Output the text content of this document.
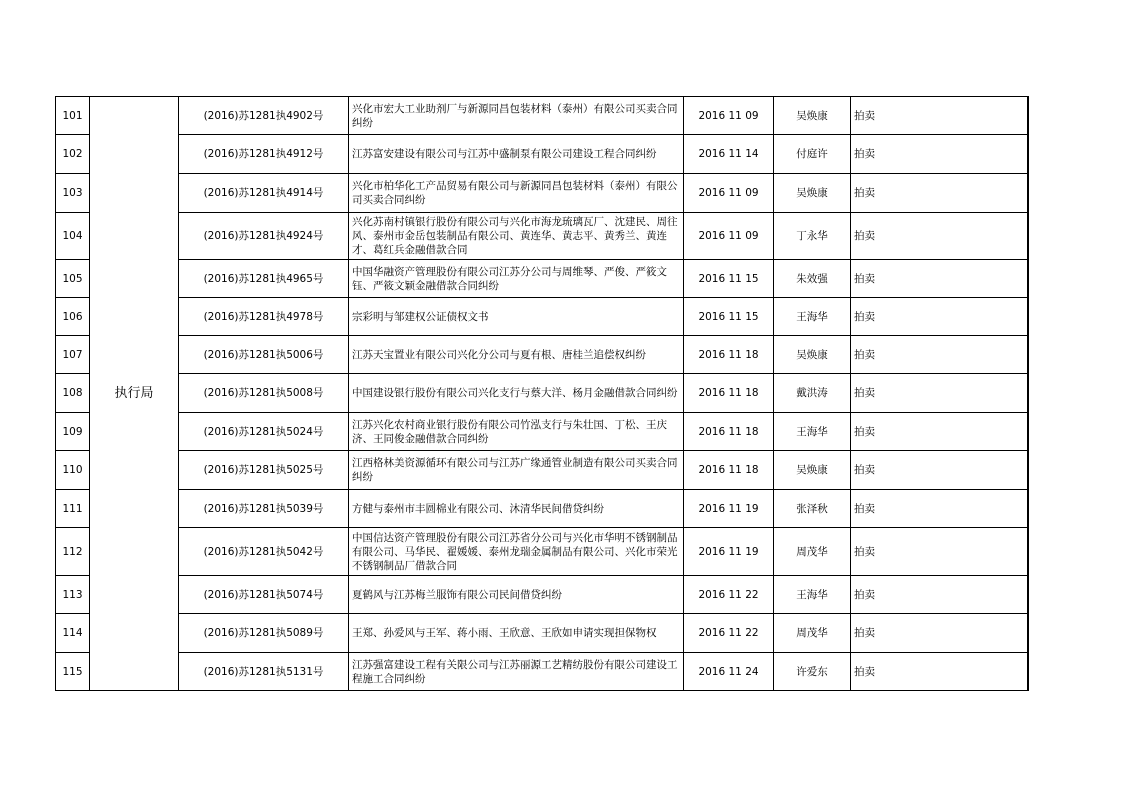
101	执行局	(2016)苏1281执4902号	兴化市宏大工业助剂厂与新源同昌包装材料（泰州）有限公司买卖合同纠纷	2016 11 09	吴焕康	拍卖
102		(2016)苏1281执4912号	江苏富安建设有限公司与江苏中盛制泵有限公司建设工程合同纠纷	2016 11 14	付庭许	拍卖
103		(2016)苏1281执4914号	兴化市柏华化工产品贸易有限公司与新源同昌包装材料（泰州）有限公司买卖合同纠纷	2016 11 09	吴焕康	拍卖
104		(2016)苏1281执4924号	兴化苏南村镇银行股份有限公司与兴化市海龙琉璃瓦厂、沈建民、周往风、泰州市金岳包装制品有限公司、黄连华、黄志平、黄秀兰、黄连才、葛红兵金融借款合同	2016 11 09	丁永华	拍卖
105		(2016)苏1281执4965号	中国华融资产管理股份有限公司江苏分公司与周维琴、严俊、严筱文钰、严筱文颖金融借款合同纠纷	2016 11 15	朱效强	拍卖
106		(2016)苏1281执4978号	宗彩明与邹建权公证债权文书	2016 11 15	王海华	拍卖
107		(2016)苏1281执5006号	江苏天宝置业有限公司兴化分公司与夏有根、唐桂兰追偿权纠纷	2016 11 18	吴焕康	拍卖
108		(2016)苏1281执5008号	中国建设银行股份有限公司兴化支行与蔡大洋、杨月金融借款合同纠纷	2016 11 18	戴洪涛	拍卖
109		(2016)苏1281执5024号	江苏兴化农村商业银行股份有限公司竹泓支行与朱壮国、丁松、王庆济、王同俊金融借款合同纠纷	2016 11 18	王海华	拍卖
110		(2016)苏1281执5025号	江西格林美资源循环有限公司与江苏广缘通管业制造有限公司买卖合同纠纷	2016 11 18	吴焕康	拍卖
111		(2016)苏1281执5039号	方健与泰州市丰圆棉业有限公司、沐清华民间借贷纠纷	2016 11 19	张泽秋	拍卖
112		(2016)苏1281执5042号	中国信达资产管理股份有限公司江苏省分公司与兴化市华明不锈钢制品有限公司、马华民、翟媛媛、泰州龙瑞金属制品有限公司、兴化市荣光不锈钢制品厂借款合同	2016 11 19	周茂华	拍卖
113		(2016)苏1281执5074号	夏鹤风与江苏梅兰服饰有限公司民间借贷纠纷	2016 11 22	王海华	拍卖
114		(2016)苏1281执5089号	王郑、孙爱风与王军、蒋小雨、王欣意、王欣如申请实现担保物权	2016 11 22	周茂华	拍卖
115		(2016)苏1281执5131号	江苏强富建设工程有关限公司与江苏丽源工艺精纺股份有限公司建设工程施工合同纠纷	2016 11 24	许爱东	拍卖
